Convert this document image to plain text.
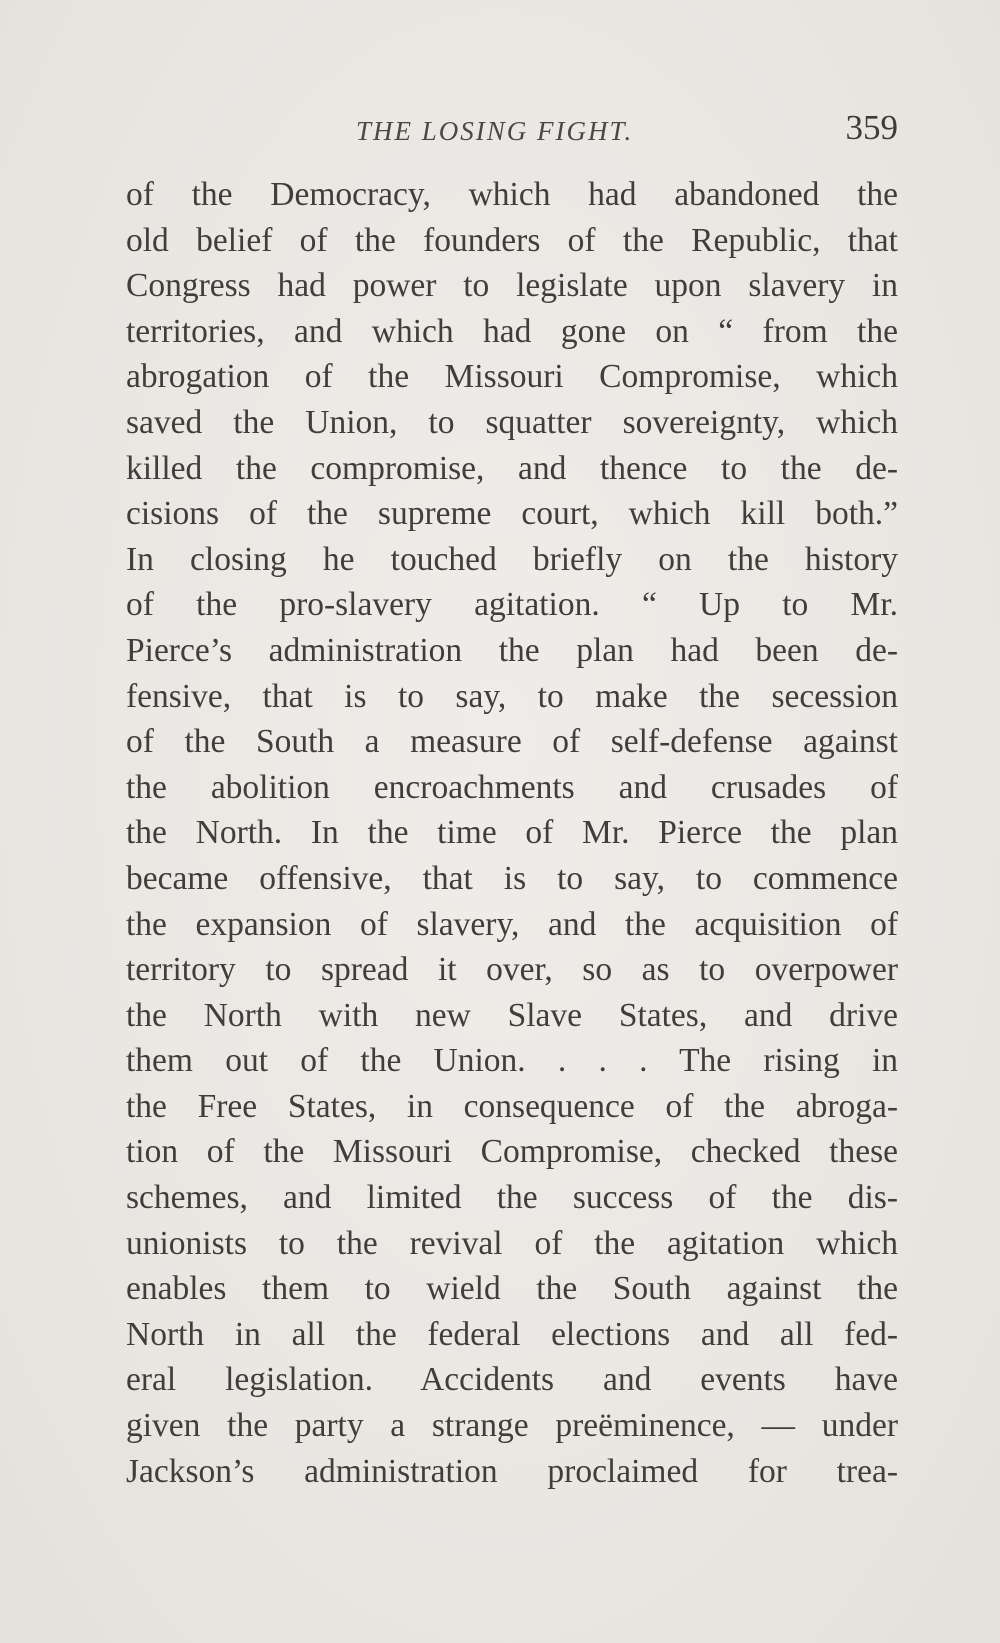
THE LOSING FIGHT.	359
of the Democracy, which had abandoned the
old belief of the founders of the Republic, that
Congress had power to legislate upon slavery in
territories, and which had gone on “ from the
abrogation of the Missouri Compromise, which
saved the Union, to squatter sovereignty, which
killed the compromise, and thence to the de-
cisions of the supreme court, which kill both.”
In closing he touched briefly on the history
of the pro-slavery agitation. “ Up to Mr.
Pierce’s administration the plan had been de-
fensive, that is to say, to make the secession
of the South a measure of self-defense against
the abolition encroachments and crusades of
the North. In the time of Mr. Pierce the plan
became offensive, that is to say, to commence
the expansion of slavery, and the acquisition of
territory to spread it over, so as to overpower
the North with new Slave States, and drive
them out of the Union. . . . The rising in
the Free States, in consequence of the abroga-
tion of the Missouri Compromise, checked these
schemes, and limited the success of the dis-
unionists to the revival of the agitation which
enables them to wield the South against the
North in all the federal elections and all fed-
eral legislation. Accidents and events have
given the party a strange preëminence, — under
Jackson’s administration proclaimed for trea-
